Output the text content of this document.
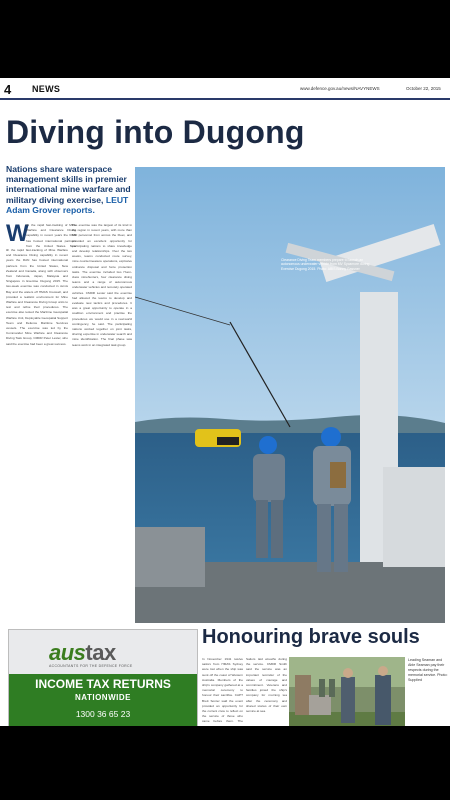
4 NEWS	www.defence.gov.au/news/NAVYNEWS	October 22, 2015
Diving into Dugong
Nations share waterspace management skills in premier international mine warfare and military diving exercise, LEUT Adam Grover reports.
W
ith the rapid fast-tracking of Mine Warfare and Clearance Diving capability in recent years the RAN has hosted international partners from the United States, New
ith the rapid fast-tracking of Mine Warfare and Clearance Diving capability in recent years the RAN has hosted international partners from the United States, New Zealand and Canada, along with observers from Indonesia, Japan, Malaysia and Singapore in Exercise Dugong 2015. The two-week exercise was conducted in Jervis Bay and the waters off HMAS Creswell, and provided a realistic environment for Mine Warfare and Clearance Diving Group units to test and refine their procedures. The exercise also tested the Maritime Geospatial Warfare Unit, Deployable Geospatial Support Team and Defence Maritime Services vessels. The exercise was led by the Commander Mine Warfare and Clearance Diving Task Group, CMDR Peter Lester, who said the exercise had been a great success.
The exercise was the largest of its kind in the region in recent years, with more than 500 personnel from across the Fleet, and provided an excellent opportunity for participating nations to share knowledge and develop relationships. Over the two weeks, teams conducted route survey, mine countermeasure operations, explosive ordnance disposal and force protection tasks. The exercise included two Huon-class minehunters, four clearance diving teams and a range of autonomous underwater vehicles and remotely operated vehicles. CMDR Lester said the exercise had allowed the teams to develop and evaluate new tactics and procedures. It was a great opportunity to operate in a coalition environment and practise the procedures we would use in a real-world contingency, he said. The participating nations worked together on joint tasks, sharing expertise in underwater search and mine identification. The final phase saw teams work in an integrated task group.
Clearance Diving Team members prepare to launch an autonomous underwater vehicle from MV Sycamore during Exercise Dugong 2015. Photo: ABIS Bonny Gassner
austax
ACCOUNTANTS FOR THE DEFENCE FORCE
INCOME TAX RETURNS
NATIONWIDE
1300 36 65 23
Honouring brave souls
In November 1941 twelve sailors from HMAS Sydney were lost when the ship was sunk off the coast of Western Australia. Members of the ship's company gathered at a memorial ceremony to honour their sacrifice. CAPT Brett Sonter said the event provided an opportunity for the current crew to reflect on the service of those who came before them. The
Sailors laid wreaths during the service. CMDR Smith said the service was an important reminder of the values of courage and commitment. Veterans and families joined the ship's company for morning tea after the ceremony and shared stories of their own service at sea.
Leading Seaman and Able Seaman pay their respects during the memorial service. Photo: Supplied
